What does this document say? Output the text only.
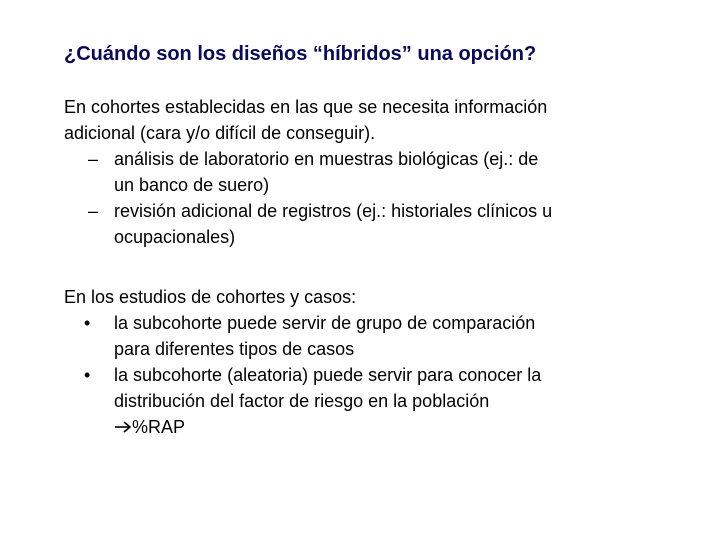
¿Cuándo son los diseños “híbridos” una opción?
En cohortes establecidas en las que se necesita información
adicional (cara y/o difícil de conseguir).
– análisis de laboratorio en muestras biológicas (ej.: de
un banco de suero)
– revisión adicional de registros (ej.: historiales clínicos u
ocupacionales)
En los estudios de cohortes y casos:
• la subcohorte puede servir de grupo de comparación
para diferentes tipos de casos
• la subcohorte (aleatoria) puede servir para conocer la
distribución del factor de riesgo en la población
%RAP
